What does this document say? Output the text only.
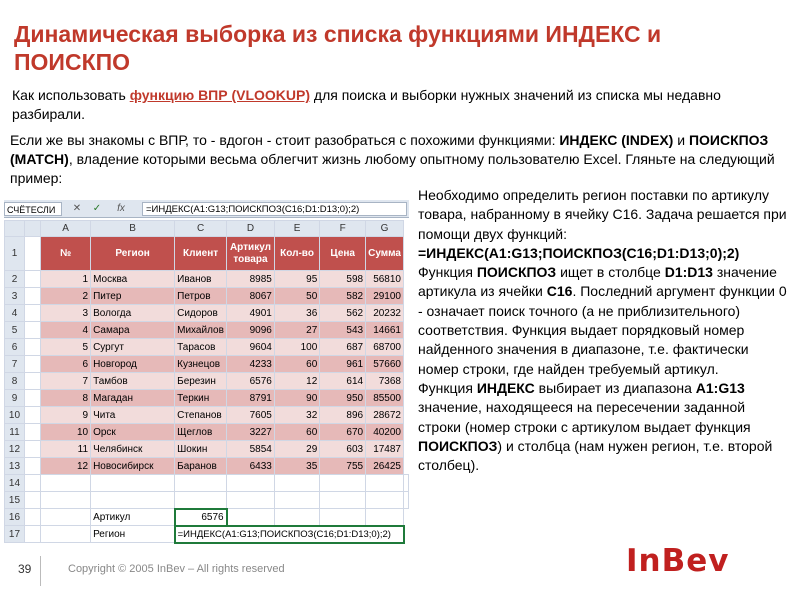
Динамическая выборка из списка функциями ИНДЕКС и ПОИСКПО
Как использовать функцию ВПР (VLOOKUP) для поиска и выборки нужных значений из списка мы недавно разбирали.
Если же вы знакомы с ВПР, то - вдогон - стоит разобраться с похожими функциями: ИНДЕКС (INDEX) и ПОИСКПОЗ (MATCH), владение которыми весьма облегчит жизнь любому опытному пользователю Excel. Гляньте на следующий пример:
СЧЁТЕСЛИ	✕ ✓	fx	=ИНДЕКС(A1:G13;ПОИСКПОЗ(C16;D1:D13;0);2)
		A	B	C	D	E	F	G	
1		№	Регион	Клиент	Артикул товара	Кол-во	Цена	Сумма	
2		1	Москва	Иванов	8985	95	598	56810	
3		2	Питер	Петров	8067	50	582	29100	
4		3	Вологда	Сидоров	4901	36	562	20232	
5		4	Самара	Михайлов	9096	27	543	14661	
6		5	Сургут	Тарасов	9604	100	687	68700	
7		6	Новгород	Кузнецов	4233	60	961	57660	
8		7	Тамбов	Березин	6576	12	614	7368	
9		8	Магадан	Теркин	8791	90	950	85500	
10		9	Чита	Степанов	7605	32	896	28672	
11		10	Орск	Щеглов	3227	60	670	40200	
12		11	Челябинск	Шокин	5854	29	603	17487	
13		12	Новосибирск	Баранов	6433	35	755	26425	
14									
15									
16			Артикул	6576					
17			Регион	=ИНДЕКС(A1:G13;ПОИСКПОЗ(C16;D1:D13;0);2)					
Необходимо определить регион поставки по артикулу товара, набранному в ячейку С16. Задача решается при помощи двух функций:
=ИНДЕКС(A1:G13;ПОИСКПОЗ(C16;D1:D13;0);2)
Функция ПОИСКПОЗ ищет в столбце D1:D13 значение артикула из ячейки C16. Последний аргумент функции 0 - означает поиск точного (а не приблизительного) соответствия. Функция выдает порядковый номер найденного значения в диапазоне, т.е. фактически номер строки, где найден требуемый артикул.
Функция ИНДЕКС выбирает из диапазона A1:G13 значение, находящееся на пересечении заданной строки (номер строки с артикулом выдает функция ПОИСКПОЗ) и столбца (нам нужен регион, т.е. второй столбец).
39	Copyright © 2005 InBev – All rights reserved	InBev
